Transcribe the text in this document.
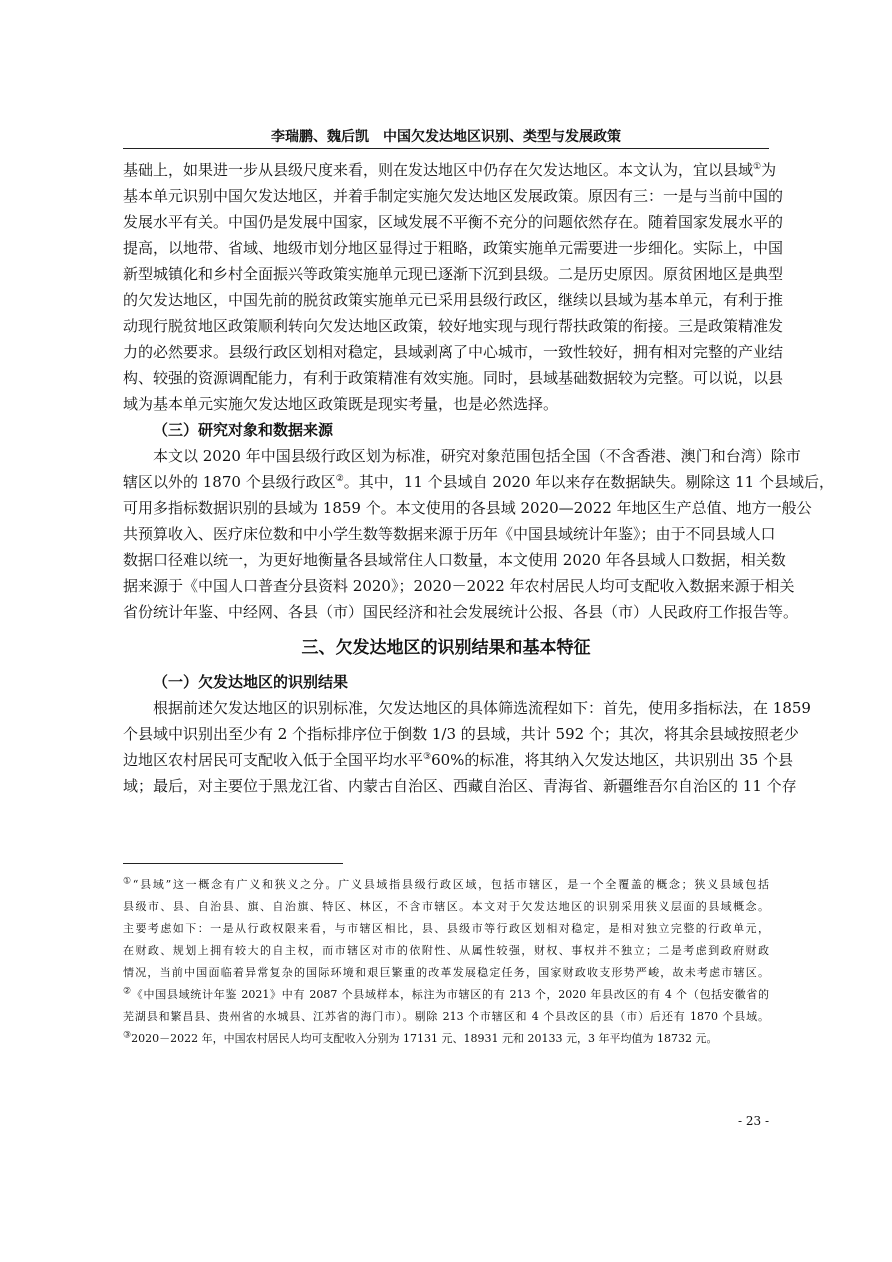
李瑞鹏、魏后凯　中国欠发达地区识别、类型与发展政策
基础上，如果进一步从县级尺度来看，则在发达地区中仍存在欠发达地区。本文认为，宜以县域①为
基本单元识别中国欠发达地区，并着手制定实施欠发达地区发展政策。原因有三：一是与当前中国的
发展水平有关。中国仍是发展中国家，区域发展不平衡不充分的问题依然存在。随着国家发展水平的
提高，以地带、省域、地级市划分地区显得过于粗略，政策实施单元需要进一步细化。实际上，中国
新型城镇化和乡村全面振兴等政策实施单元现已逐渐下沉到县级。二是历史原因。原贫困地区是典型
的欠发达地区，中国先前的脱贫政策实施单元已采用县级行政区，继续以县域为基本单元，有利于推
动现行脱贫地区政策顺利转向欠发达地区政策，较好地实现与现行帮扶政策的衔接。三是政策精准发
力的必然要求。县级行政区划相对稳定，县域剥离了中心城市，一致性较好，拥有相对完整的产业结
构、较强的资源调配能力，有利于政策精准有效实施。同时，县域基础数据较为完整。可以说，以县
域为基本单元实施欠发达地区政策既是现实考量，也是必然选择。
（三）研究对象和数据来源
　　本文以 2020 年中国县级行政区划为标准，研究对象范围包括全国（不含香港、澳门和台湾）除市
辖区以外的 1870 个县级行政区②。其中，11 个县域自 2020 年以来存在数据缺失。剔除这 11 个县域后，
可用多指标数据识别的县域为 1859 个。本文使用的各县域 2020—2022 年地区生产总值、地方一般公
共预算收入、医疗床位数和中小学生数等数据来源于历年《中国县域统计年鉴》；由于不同县域人口
数据口径难以统一，为更好地衡量各县域常住人口数量，本文使用 2020 年各县域人口数据，相关数
据来源于《中国人口普查分县资料 2020》；2020－2022 年农村居民人均可支配收入数据来源于相关
省份统计年鉴、中经网、各县（市）国民经济和社会发展统计公报、各县（市）人民政府工作报告等。
三、欠发达地区的识别结果和基本特征
（一）欠发达地区的识别结果
　　根据前述欠发达地区的识别标准，欠发达地区的具体筛选流程如下：首先，使用多指标法，在 1859
个县域中识别出至少有 2 个指标排序位于倒数 1/3 的县域，共计 592 个；其次，将其余县域按照老少
边地区农村居民可支配收入低于全国平均水平③60%的标准，将其纳入欠发达地区，共识别出 35 个县
域；最后，对主要位于黑龙江省、内蒙古自治区、西藏自治区、青海省、新疆维吾尔自治区的 11 个存
①“县域”这一概念有广义和狭义之分。广义县域指县级行政区域，包括市辖区，是一个全覆盖的概念；狭义县域包括
县级市、县、自治县、旗、自治旗、特区、林区，不含市辖区。本文对于欠发达地区的识别采用狭义层面的县域概念。
主要考虑如下：一是从行政权限来看，与市辖区相比，县、县级市等行政区划相对稳定，是相对独立完整的行政单元，
在财政、规划上拥有较大的自主权，而市辖区对市的依附性、从属性较强，财权、事权并不独立；二是考虑到政府财政
情况，当前中国面临着异常复杂的国际环境和艰巨繁重的改革发展稳定任务，国家财政收支形势严峻，故未考虑市辖区。
②《中国县域统计年鉴 2021》中有 2087 个县域样本，标注为市辖区的有 213 个，2020 年县改区的有 4 个（包括安徽省的
芜湖县和繁昌县、贵州省的水城县、江苏省的海门市）。剔除 213 个市辖区和 4 个县改区的县（市）后还有 1870 个县域。
③2020－2022 年，中国农村居民人均可支配收入分别为 17131 元、18931 元和 20133 元，3 年平均值为 18732 元。
- 23 -
